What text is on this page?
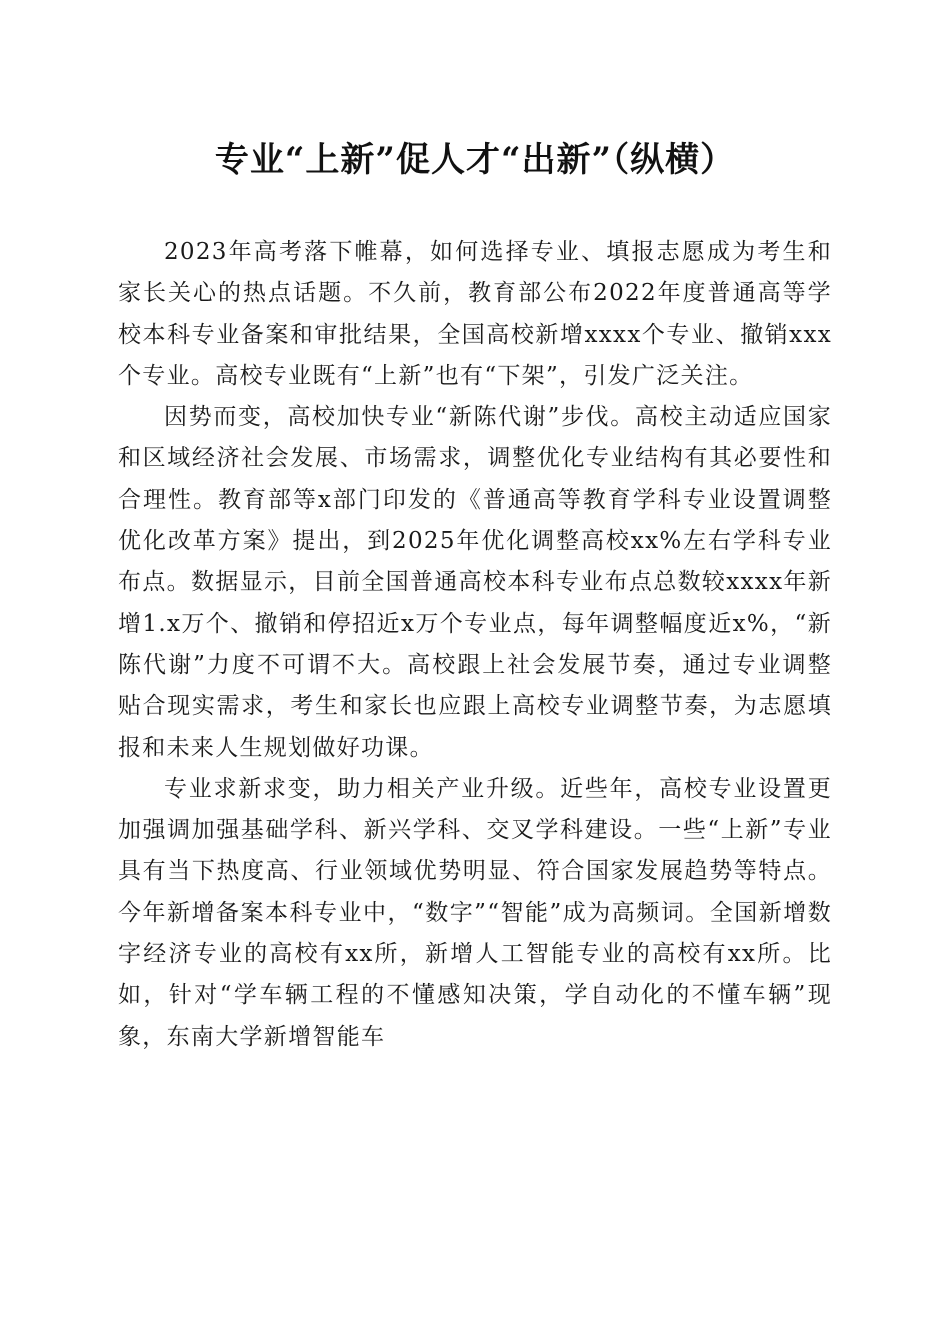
专业“上新”促人才“出新”（纵横）

2023年高考落下帷幕，如何选择专业、填报志愿成为考生和家长关心的热点话题。不久前，教育部公布2022年度普通高等学校本科专业备案和审批结果，全国高校新增xxxx个专业、撤销xxx个专业。高校专业既有“上新”也有“下架”，引发广泛关注。

因势而变，高校加快专业“新陈代谢”步伐。高校主动适应国家和区域经济社会发展、市场需求，调整优化专业结构有其必要性和合理性。教育部等x部门印发的《普通高等教育学科专业设置调整优化改革方案》提出，到2025年优化调整高校xx%左右学科专业布点。数据显示，目前全国普通高校本科专业布点总数较xxxx年新增1.x万个、撤销和停招近x万个专业点，每年调整幅度近x%，“新陈代谢”力度不可谓不大。高校跟上社会发展节奏，通过专业调整贴合现实需求，考生和家长也应跟上高校专业调整节奏，为志愿填报和未来人生规划做好功课。

专业求新求变，助力相关产业升级。近些年，高校专业设置更加强调加强基础学科、新兴学科、交叉学科建设。一些“上新”专业具有当下热度高、行业领域优势明显、符合国家发展趋势等特点。今年新增备案本科专业中，“数字”“智能”成为高频词。全国新增数字经济专业的高校有xx所，新增人工智能专业的高校有xx所。比如，针对“学车辆工程的不懂感知决策，学自动化的不懂车辆”现象，东南大学新增智能车
